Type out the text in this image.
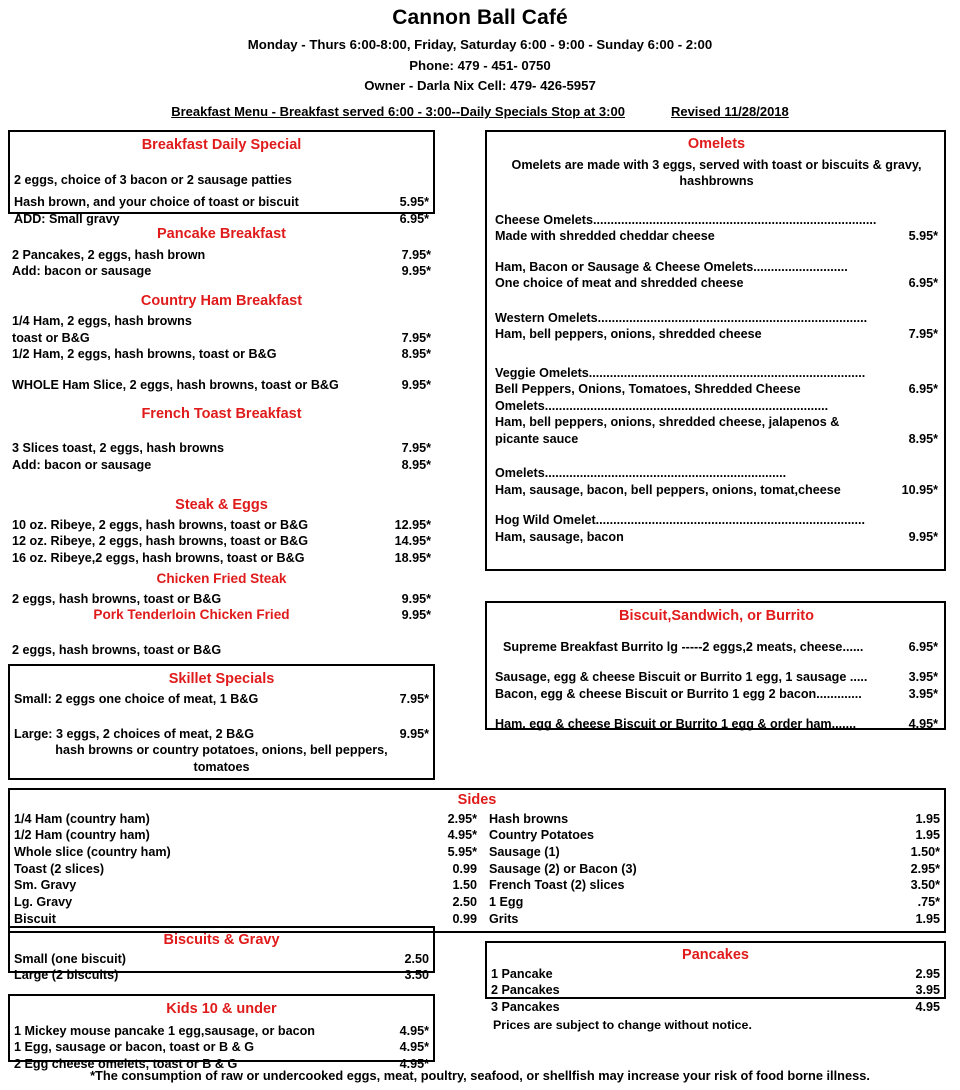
Cannon Ball Café
Monday - Thurs 6:00-8:00, Friday, Saturday 6:00 - 9:00 - Sunday 6:00 - 2:00
Phone: 479 - 451- 0750
Owner - Darla Nix Cell: 479- 426-5957
Breakfast Menu - Breakfast served 6:00 - 3:00--Daily Specials Stop at 3:00	Revised 11/28/2018
Breakfast Daily Special
2 eggs, choice of 3 bacon or 2 sausage patties
Hash brown, and your choice of toast or biscuit	5.95*
ADD: Small gravy	6.95*
Pancake Breakfast
2 Pancakes, 2 eggs, hash brown	7.95*
Add: bacon or sausage	9.95*
Country Ham Breakfast
1/4 Ham, 2 eggs, hash browns
toast or B&G	7.95*
1/2 Ham, 2 eggs, hash browns, toast or B&G	8.95*
WHOLE Ham Slice, 2 eggs, hash browns, toast or B&G	9.95*
French Toast Breakfast
3 Slices toast, 2 eggs, hash browns	7.95*
Add: bacon or sausage	8.95*
Steak & Eggs
10 oz. Ribeye, 2 eggs, hash browns, toast or B&G	12.95*
12 oz. Ribeye, 2 eggs, hash browns, toast or B&G	14.95*
16 oz. Ribeye,2 eggs, hash browns, toast or B&G	18.95*
Chicken Fried Steak
2 eggs, hash browns, toast or B&G	9.95*
Pork Tenderloin Chicken Fried	9.95*
2 eggs, hash browns, toast or B&G
Skillet Specials
Small: 2 eggs one choice of meat, 1 B&G	7.95*
Large: 3 eggs, 2 choices of meat, 2 B&G	9.95*
hash browns or country potatoes, onions, bell peppers, tomatoes
Omelets
Omelets are made with 3 eggs, served with toast or biscuits & gravy, hashbrowns
Cheese Omelets.................................................................................
Made with shredded cheddar cheese	5.95*
Ham, Bacon or Sausage & Cheese Omelets...........................
One choice of meat and shredded cheese	6.95*
Western Omelets.............................................................................
Ham, bell peppers, onions, shredded cheese	7.95*
Veggie Omelets...............................................................................
Bell Peppers, Onions, Tomatoes, Shredded Cheese	6.95*
Omelets.................................................................................
Ham, bell peppers, onions, shredded cheese, jalapenos & picante sauce	8.95*
Omelets.....................................................................
Ham, sausage, bacon, bell peppers, onions, tomat,cheese	10.95*
Hog Wild Omelet.............................................................................
Ham, sausage, bacon	9.95*
Biscuit,Sandwich, or Burrito
Supreme Breakfast Burrito lg -----2 eggs,2 meats, cheese......	6.95*
Sausage, egg & cheese Biscuit or Burrito 1 egg, 1 sausage .....	3.95*
Bacon, egg & cheese Biscuit or Burrito 1 egg 2 bacon.............	3.95*
Ham, egg & cheese Biscuit or Burrito 1 egg & order ham.......	4.95*
Sides
1/4 Ham (country ham)	2.95*
1/2 Ham (country ham)	4.95*
Whole slice (country ham)	5.95*
Toast (2 slices)	0.99
Sm. Gravy	1.50
Lg. Gravy	2.50
Biscuit	0.99
Hash browns	1.95
Country Potatoes	1.95
Sausage (1)	1.50*
Sausage (2) or Bacon (3)	2.95*
French Toast (2) slices	3.50*
1 Egg	.75*
Grits	1.95
Biscuits & Gravy
Small (one biscuit)	2.50
Large (2 biscuits)	3.50
Kids 10 & under
1 Mickey mouse pancake 1 egg,sausage, or bacon	4.95*
1 Egg, sausage or bacon, toast or B & G	4.95*
2 Egg cheese omelets, toast or B & G	4.95*
Pancakes
1 Pancake	2.95
2 Pancakes	3.95
3 Pancakes	4.95
Prices are subject to change without notice.
*The consumption of raw or undercooked eggs, meat, poultry, seafood, or shellfish may increase your risk of food borne illness.
